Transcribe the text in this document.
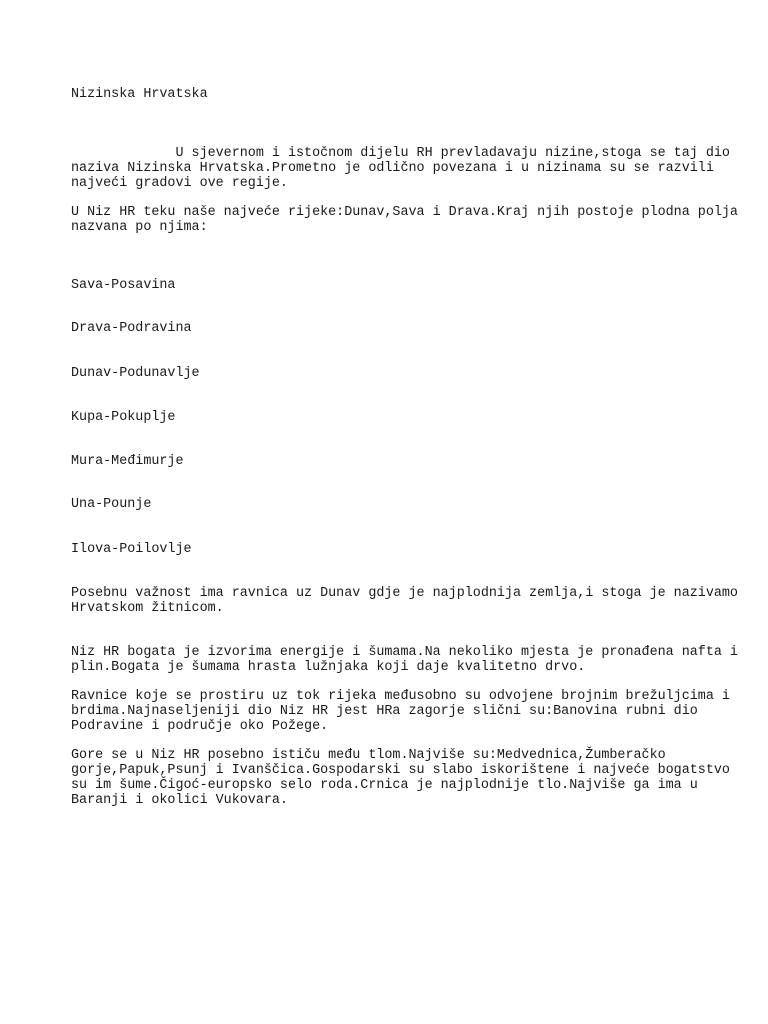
Nizinska Hrvatska

U sjevernom i istočnom dijelu RH prevladavaju nizine,stoga se taj dio
naziva Nizinska Hrvatska.Prometno je odlično povezana i u nizinama su se razvili
najveći gradovi ove regije.
U Niz HR teku naše najveće rijeke:Dunav,Sava i Drava.Kraj njih postoje plodna polja
nazvana po njima:

Sava-Posavina

Drava-Podravina

Dunav-Podunavlje

Kupa-Pokuplje

Mura-Međimurje

Una-Pounje

Ilova-Poilovlje

Posebnu važnost ima ravnica uz Dunav gdje je najplodnija zemlja,i stoga je nazivamo
Hrvatskom žitnicom.
Niz HR bogata je izvorima energije i šumama.Na nekoliko mjesta je pronađena nafta i
plin.Bogata je šumama hrasta lužnjaka koji daje kvalitetno drvo.
Ravnice koje se prostiru uz tok rijeka međusobno su odvojene brojnim brežuljcima i
brdima.Najnaseljeniji dio Niz HR jest HRa zagorje slični su:Banovina rubni dio
Podravine i područje oko Požege.
Gore se u Niz HR posebno ističu među tlom.Najviše su:Medvednica,Žumberačko
gorje,Papuk,Psunj i Ivanščica.Gospodarski su slabo iskorištene i najveće bogatstvo
su im šume.Čigoć-europsko selo roda.Crnica je najplodnije tlo.Najviše ga ima u
Baranji i okolici Vukovara.
